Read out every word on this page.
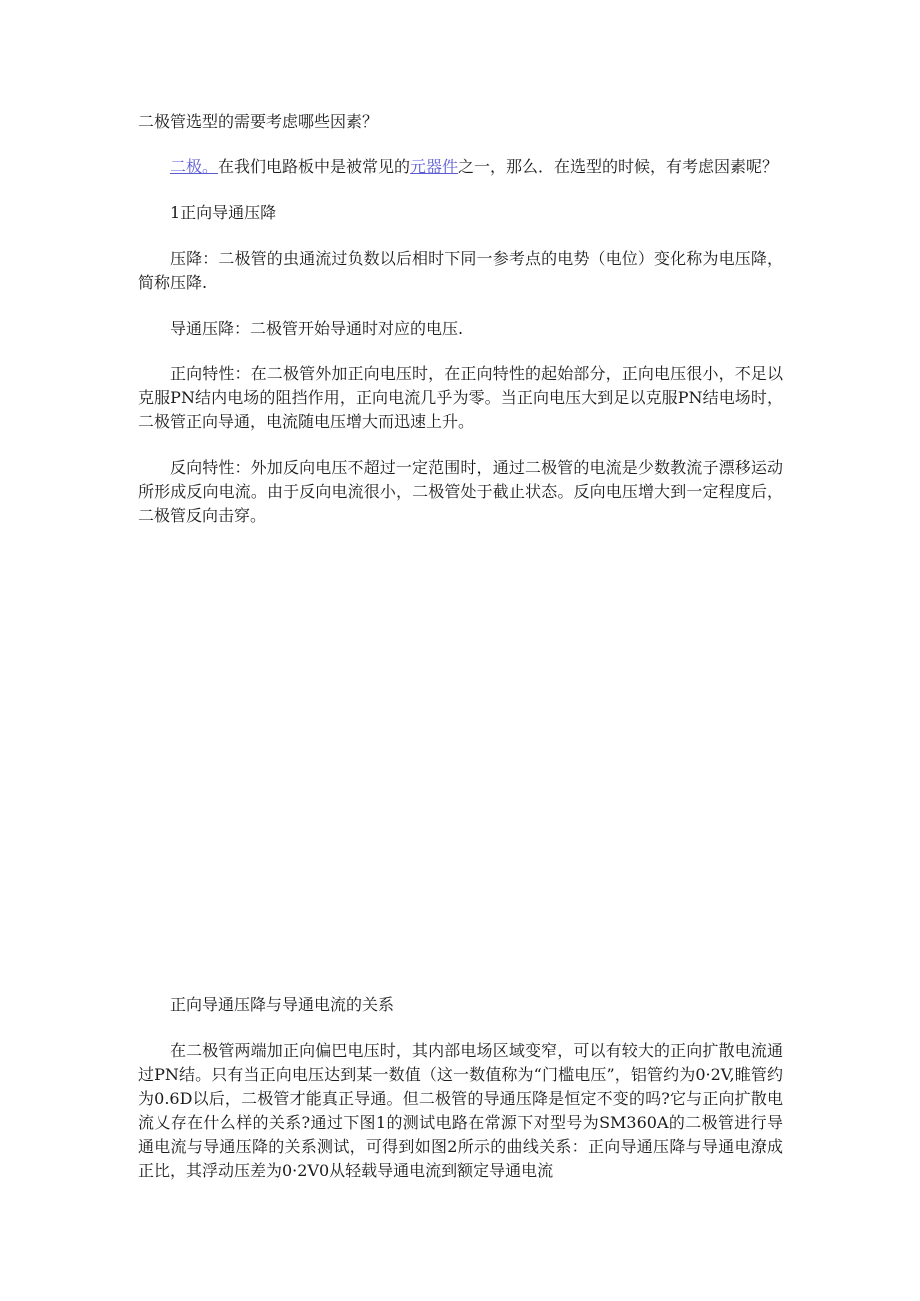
二极管选型的需要考虑哪些因素？
二极。在我们电路板中是被常见的元器件之一，那么．在选型的时候，有考虑因素呢？
1正向导通压降
压降：二极管的虫通流过负数以后相时下同一参考点的电势（电位）变化称为电压降，简称压降.
导通压降：二极管开始导通时对应的电压.
正向特性：在二极管外加正向电压时，在正向特性的起始部分，正向电压很小，不足以克服PN结内电场的阻挡作用，正向电流几乎为零。当正向电压大到足以克服PN结电场时，二极管正向导通，电流随电压增大而迅速上升。
反向特性：外加反向电压不超过一定范围时，通过二极管的电流是少数教流子漂移运动所形成反向电流。由于反向电流很小，二极管处于截止状态。反向电压增大到一定程度后，二极管反向击穿。
正向导通压降与导通电流的关系
在二极管两端加正向偏巴电压时，其内部电场区域变窄，可以有较大的正向扩散电流通过PN结。只有当正向电压达到某一数值（这一数值称为“门槛电压”，铝管约为0·2V,睢管约为0.6D以后，二极管才能真正导通。但二极管的导通压降是恒定不变的吗?它与正向扩散电流乂存在什么样的关系?通过下图1的测试电路在常源下对型号为SM360A的二极管进行导通电流与导通压降的关系测试，可得到如图2所示的曲线关系：正向导通压降与导通电潦成正比，其浮动压差为0·2V0从轻载导通电流到额定导通电流
